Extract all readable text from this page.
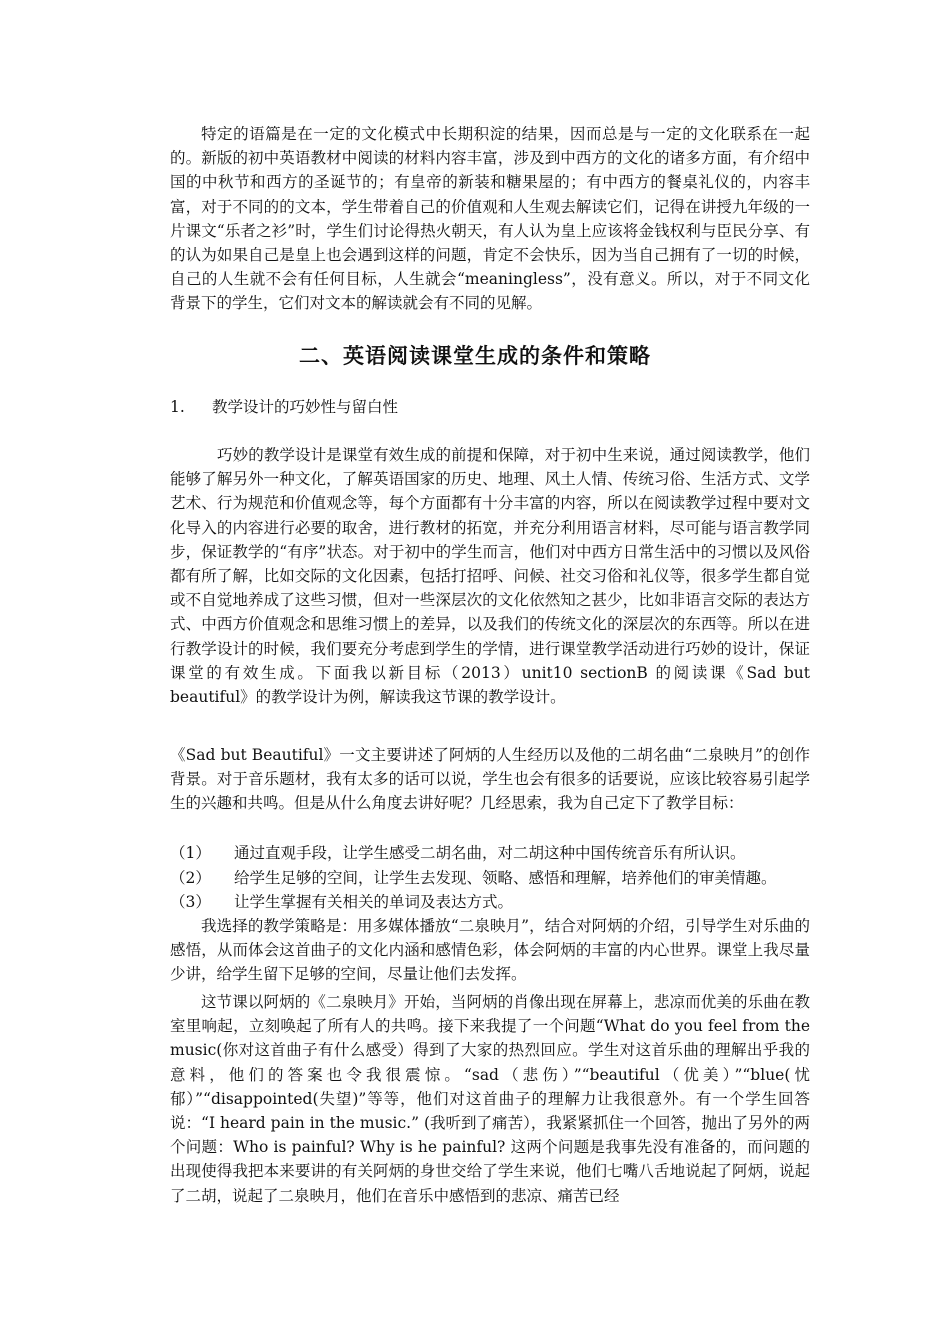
特定的语篇是在一定的文化模式中长期积淀的结果，因而总是与一定的文化联系在一起的。新版的初中英语教材中阅读的材料内容丰富，涉及到中西方的文化的诸多方面，有介绍中国的中秋节和西方的圣诞节的；有皇帝的新装和糖果屋的；有中西方的餐桌礼仪的，内容丰富，对于不同的的文本，学生带着自己的价值观和人生观去解读它们，记得在讲授九年级的一片课文“乐者之衫”时，学生们讨论得热火朝天，有人认为皇上应该将金钱权利与臣民分享、有的认为如果自己是皇上也会遇到这样的问题，肯定不会快乐，因为当自己拥有了一切的时候，自己的人生就不会有任何目标，人生就会“meaningless”，没有意义。所以，对于不同文化背景下的学生，它们对文本的解读就会有不同的见解。

二、英语阅读课堂生成的条件和策略

1. 教学设计的巧妙性与留白性

巧妙的教学设计是课堂有效生成的前提和保障，对于初中生来说，通过阅读教学，他们能够了解另外一种文化，了解英语国家的历史、地理、风土人情、传统习俗、生活方式、文学艺术、行为规范和价值观念等，每个方面都有十分丰富的内容，所以在阅读教学过程中要对文化导入的内容进行必要的取舍，进行教材的拓宽，并充分利用语言材料，尽可能与语言教学同步，保证教学的“有序”状态。对于初中的学生而言，他们对中西方日常生活中的习惯以及风俗都有所了解，比如交际的文化因素，包括打招呼、问候、社交习俗和礼仪等，很多学生都自觉或不自觉地养成了这些习惯，但对一些深层次的文化依然知之甚少，比如非语言交际的表达方式、中西方价值观念和思维习惯上的差异，以及我们的传统文化的深层次的东西等。所以在进行教学设计的时候，我们要充分考虑到学生的学情，进行课堂教学活动进行巧妙的设计，保证课堂的有效生成。下面我以新目标（2013）unit10 sectionB 的阅读课《Sad but beautiful》的教学设计为例，解读我这节课的教学设计。

《Sad but Beautiful》一文主要讲述了阿炳的人生经历以及他的二胡名曲“二泉映月”的创作背景。对于音乐题材，我有太多的话可以说，学生也会有很多的话要说，应该比较容易引起学生的兴趣和共鸣。但是从什么角度去讲好呢？几经思索，我为自己定下了教学目标：

（1） 通过直观手段，让学生感受二胡名曲，对二胡这种中国传统音乐有所认识。
（2） 给学生足够的空间，让学生去发现、领略、感悟和理解，培养他们的审美情趣。
（3） 让学生掌握有关相关的单词及表达方式。

我选择的教学策略是：用多媒体播放“二泉映月”，结合对阿炳的介绍，引导学生对乐曲的感悟，从而体会这首曲子的文化内涵和感情色彩，体会阿炳的丰富的内心世界。课堂上我尽量少讲，给学生留下足够的空间，尽量让他们去发挥。

这节课以阿炳的《二泉映月》开始，当阿炳的肖像出现在屏幕上，悲凉而优美的乐曲在教室里响起，立刻唤起了所有人的共鸣。接下来我提了一个问题“What do you feel from the music(你对这首曲子有什么感受）得到了大家的热烈回应。学生对这首乐曲的理解出乎我的意料，他们的答案也令我很震惊。“sad（悲伤）”“beautiful（优美）”“blue(忧郁）”“disappointed(失望)”等等，他们对这首曲子的理解力让我很意外。有一个学生回答说：“I heard pain in the music.” (我听到了痛苦），我紧紧抓住一个回答，抛出了另外的两个问题：Who is painful? Why is he painful? 这两个问题是我事先没有准备的，而问题的出现使得我把本来要讲的有关阿炳的身世交给了学生来说，他们七嘴八舌地说起了阿炳，说起了二胡，说起了二泉映月，他们在音乐中感悟到的悲凉、痛苦已经
